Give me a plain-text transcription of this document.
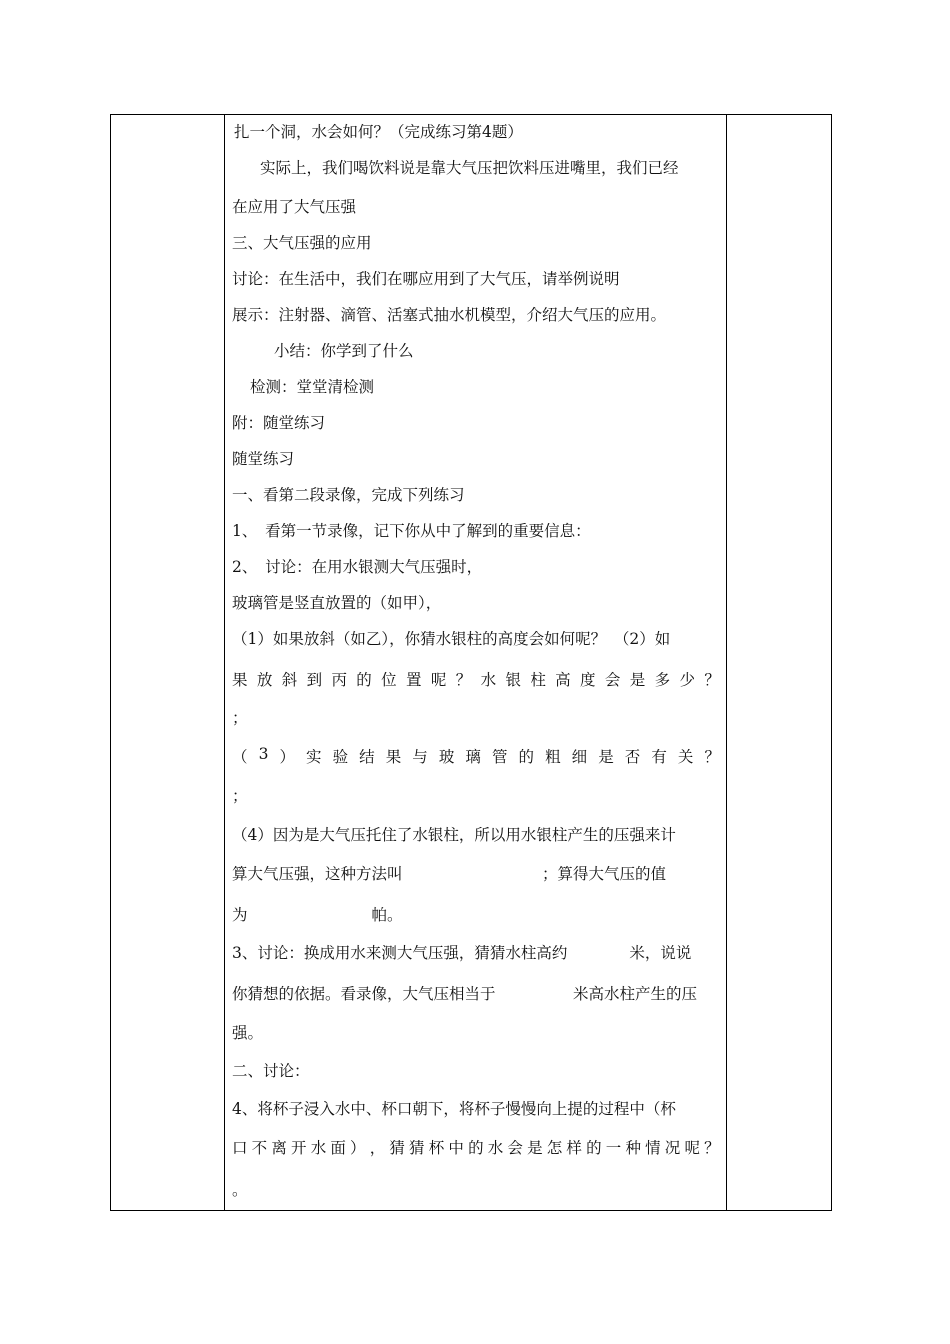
扎一个洞，水会如何？（完成练习第4题）
实际上，我们喝饮料说是靠大气压把饮料压进嘴里，我们已经
在应用了大气压强
三、大气压强的应用
讨论：在生活中，我们在哪应用到了大气压，请举例说明
展示：注射器、滴管、活塞式抽水机模型，介绍大气压的应用。
小结：你学到了什么
检测：堂堂清检测
附：随堂练习
随堂练习
一、看第二段录像，完成下列练习
1、　看第一节录像，记下你从中了解到的重要信息：
2、　讨论：在用水银测大气压强时，
玻璃管是竖直放置的（如甲），
（1）如果放斜（如乙），你猜水银柱的高度会如何呢？　（2）如
果 放 斜 到 丙 的 位 置 呢 ？ 水 银 柱 高 度 会 是 多 少 ？
；
（ 3 ） 实 验 结 果 与 玻 璃 管 的 粗 细 是 否 有 关 ？
；
（4）因为是大气压托住了水银柱，所以用水银柱产生的压强来计
算大气压强，这种方法叫　　　　　　　　　；算得大气压的值
为　　　　　　　　帕。
3、讨论：换成用水来测大气压强，猜猜水柱高约　　　　米，说说
你猜想的依据。看录像，大气压相当于　　　　　米高水柱产生的压
强。
二、讨论：
4、将杯子浸入水中、杯口朝下，将杯子慢慢向上提的过程中（杯
口 不 离 开 水 面 ） ， 猜 猜 杯 中 的 水 会 是 怎 样 的 一 种 情 况 呢 ？
。
